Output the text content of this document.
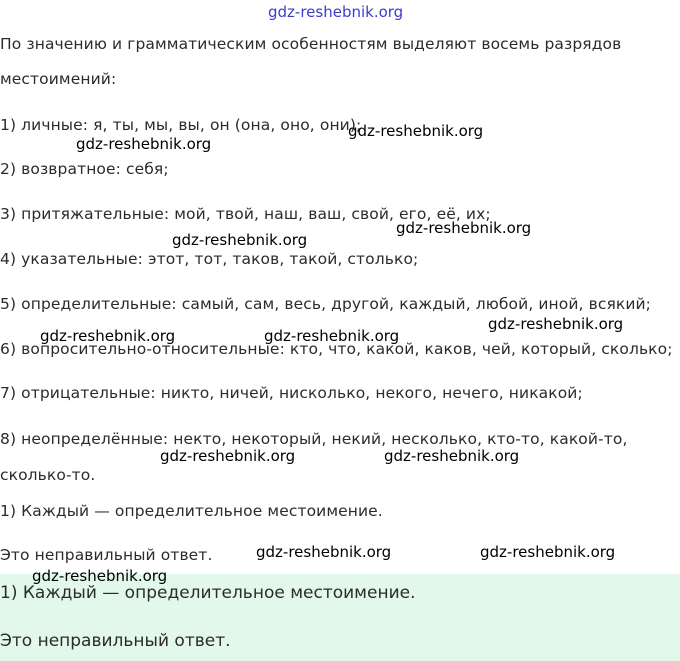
gdz-reshebnik.org
По значению и грамматическим особенностям выделяют восемь разрядов
местоимений:
1) личные: я, ты, мы, вы, он (она, оно, они);
2) возвратное: себя;
3) притяжательные: мой, твой, наш, ваш, свой, его, её, их;
4) указательные: этот, тот, таков, такой, столько;
5) определительные: самый, сам, весь, другой, каждый, любой, иной, всякий;
6) вопросительно-относительные: кто, что, какой, каков, чей, который, сколько;
7) отрицательные: никто, ничей, нисколько, некого, нечего, никакой;
8) неопределённые: некто, некоторый, некий, несколько, кто-то, какой-то,
сколько-то.
1) Каждый — определительное местоимение.
Это неправильный ответ.
1) Каждый — определительное местоимение.
Это неправильный ответ.
gdz-reshebnik.org
gdz-reshebnik.org
gdz-reshebnik.org
gdz-reshebnik.org
gdz-reshebnik.org
gdz-reshebnik.org	gdz-reshebnik.org
gdz-reshebnik.org	gdz-reshebnik.org
gdz-reshebnik.org	gdz-reshebnik.org
gdz-reshebnik.org
